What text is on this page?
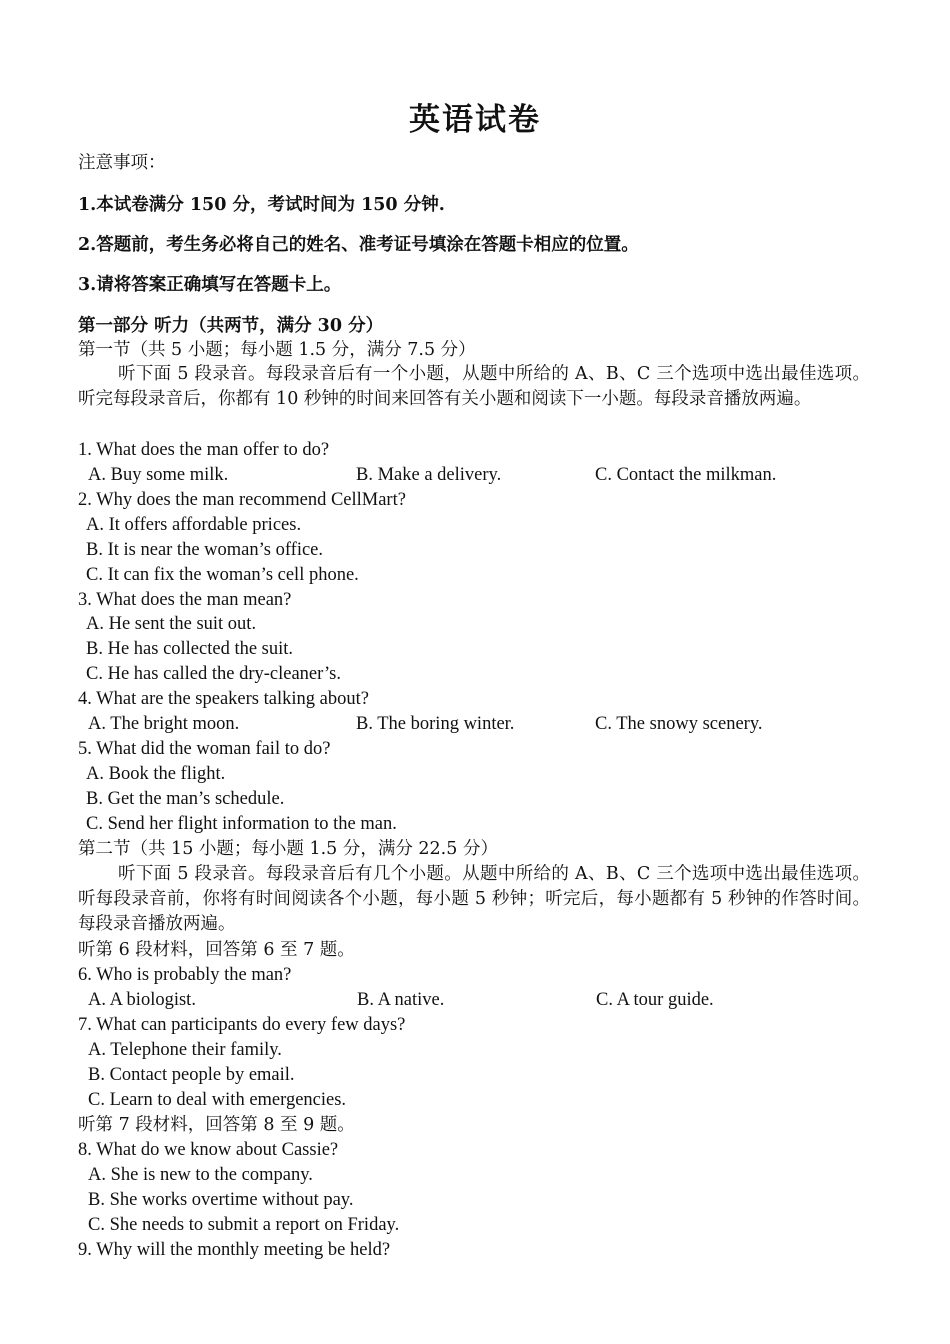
英语试卷
注意事项：
1.本试卷满分 150 分，考试时间为 150 分钟.
2.答题前，考生务必将自己的姓名、准考证号填涂在答题卡相应的位置。
3.请将答案正确填写在答题卡上。
第一部分 听力（共两节，满分 30 分）
第一节（共 5 小题；每小题 1.5 分，满分 7.5 分）
听下面 5 段录音。每段录音后有一个小题，从题中所给的 A、B、C 三个选项中选出最佳选项。听完每段录音后，你都有 10 秒钟的时间来回答有关小题和阅读下一小题。每段录音播放两遍。
1. What does the man offer to do?
A. Buy some milk.	B. Make a delivery.	C. Contact the milkman.
2. Why does the man recommend CellMart?
A. It offers affordable prices.
B. It is near the woman’s office.
C. It can fix the woman’s cell phone.
3. What does the man mean?
A. He sent the suit out.
B. He has collected the suit.
C. He has called the dry-cleaner’s.
4. What are the speakers talking about?
A. The bright moon.	B. The boring winter.	C. The snowy scenery.
5. What did the woman fail to do?
A. Book the flight.
B. Get the man’s schedule.
C. Send her flight information to the man.
第二节（共 15 小题；每小题 1.5 分，满分 22.5 分）
听下面 5 段录音。每段录音后有几个小题。从题中所给的 A、B、C 三个选项中选出最佳选项。听每段录音前，你将有时间阅读各个小题，每小题 5 秒钟；听完后，每小题都有 5 秒钟的作答时间。每段录音播放两遍。
听第 6 段材料，回答第 6 至 7 题。
6. Who is probably the man?
A. A biologist.	B. A native.	C. A tour guide.
7. What can participants do every few days?
A. Telephone their family.
B. Contact people by email.
C. Learn to deal with emergencies.
听第 7 段材料，回答第 8 至 9 题。
8. What do we know about Cassie?
A. She is new to the company.
B. She works overtime without pay.
C. She needs to submit a report on Friday.
9. Why will the monthly meeting be held?
